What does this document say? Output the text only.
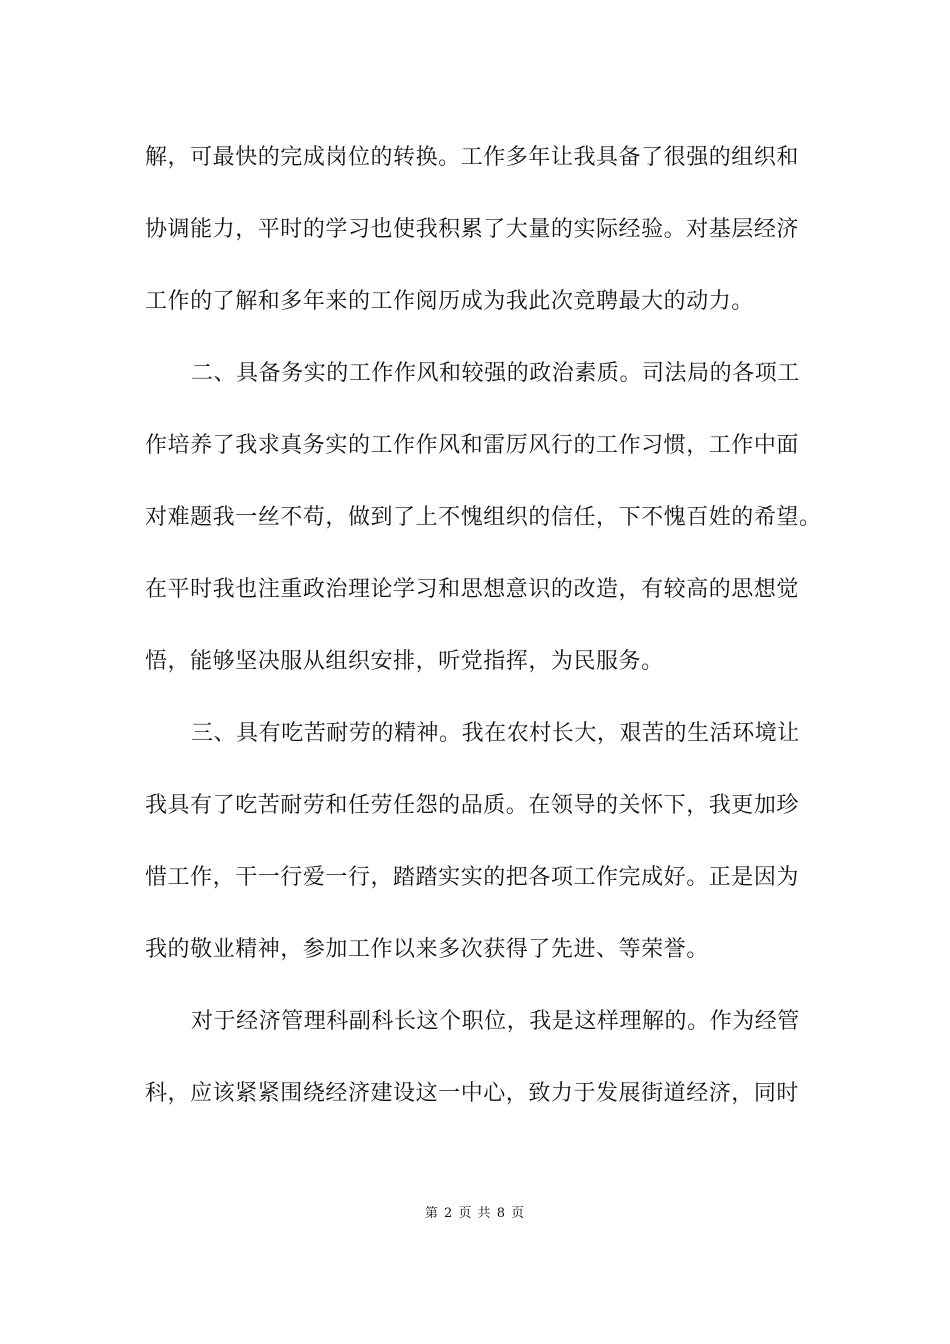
解，可最快的完成岗位的转换。工作多年让我具备了很强的组织和
协调能力，平时的学习也使我积累了大量的实际经验。对基层经济
工作的了解和多年来的工作阅历成为我此次竞聘最大的动力。
二、具备务实的工作作风和较强的政治素质。司法局的各项工
作培养了我求真务实的工作作风和雷厉风行的工作习惯，工作中面
对难题我一丝不苟，做到了上不愧组织的信任，下不愧百姓的希望。
在平时我也注重政治理论学习和思想意识的改造，有较高的思想觉
悟，能够坚决服从组织安排，听党指挥，为民服务。
三、具有吃苦耐劳的精神。我在农村长大，艰苦的生活环境让
我具有了吃苦耐劳和任劳任怨的品质。在领导的关怀下，我更加珍
惜工作，干一行爱一行，踏踏实实的把各项工作完成好。正是因为
我的敬业精神，参加工作以来多次获得了先进、等荣誉。
对于经济管理科副科长这个职位，我是这样理解的。作为经管
科，应该紧紧围绕经济建设这一中心，致力于发展街道经济，同时
第 2 页 共 8 页
